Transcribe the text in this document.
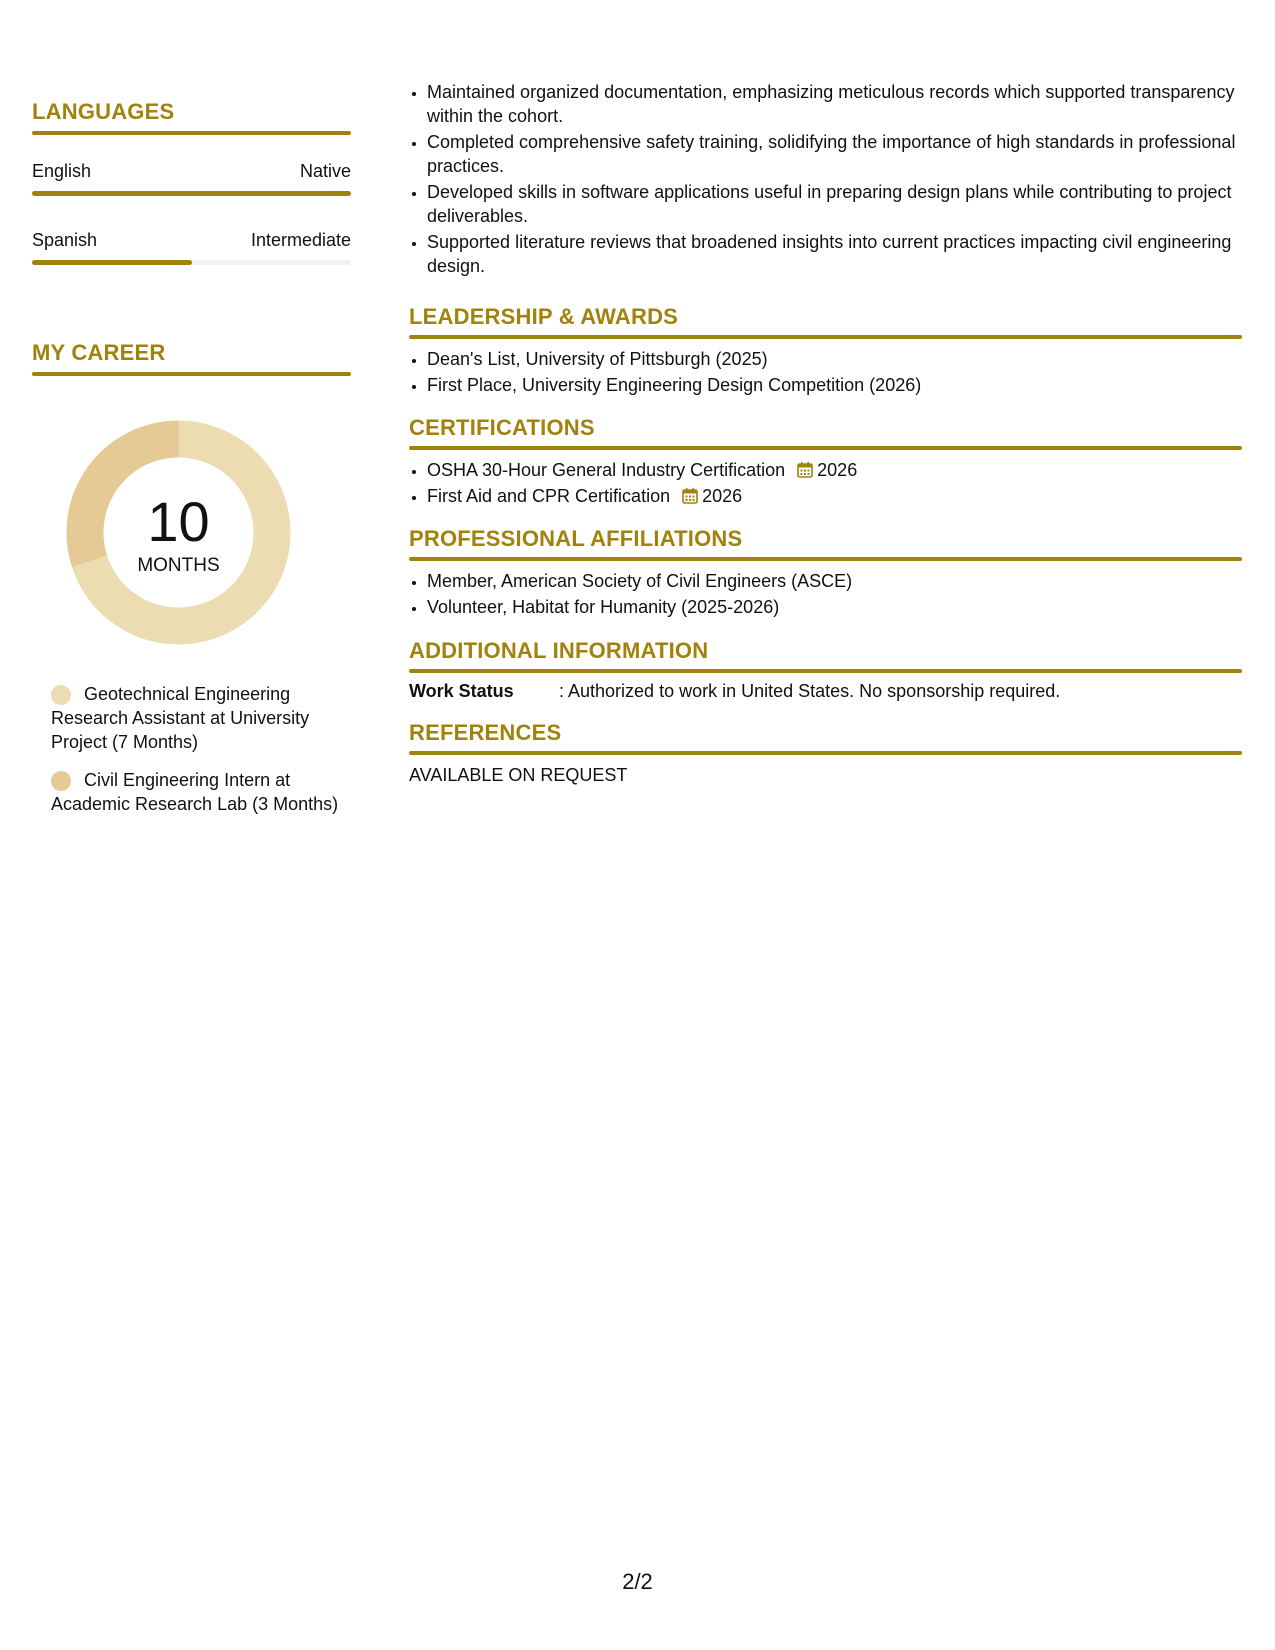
LANGUAGES
English	Native
Spanish	Intermediate
MY CAREER
10
MONTHS
Geotechnical Engineering Research Assistant at University Project (7 Months)
Civil Engineering Intern at Academic Research Lab (3 Months)
• Maintained organized documentation, emphasizing meticulous records which supported transparency within the cohort.
• Completed comprehensive safety training, solidifying the importance of high standards in professional practices.
• Developed skills in software applications useful in preparing design plans while contributing to project deliverables.
• Supported literature reviews that broadened insights into current practices impacting civil engineering design.
LEADERSHIP & AWARDS
• Dean's List, University of Pittsburgh (2025)
• First Place, University Engineering Design Competition (2026)
CERTIFICATIONS
• OSHA 30-Hour General Industry Certification 2026
• First Aid and CPR Certification 2026
PROFESSIONAL AFFILIATIONS
• Member, American Society of Civil Engineers (ASCE)
• Volunteer, Habitat for Humanity (2025-2026)
ADDITIONAL INFORMATION
Work Status	: Authorized to work in United States. No sponsorship required.
REFERENCES
AVAILABLE ON REQUEST
2/2
